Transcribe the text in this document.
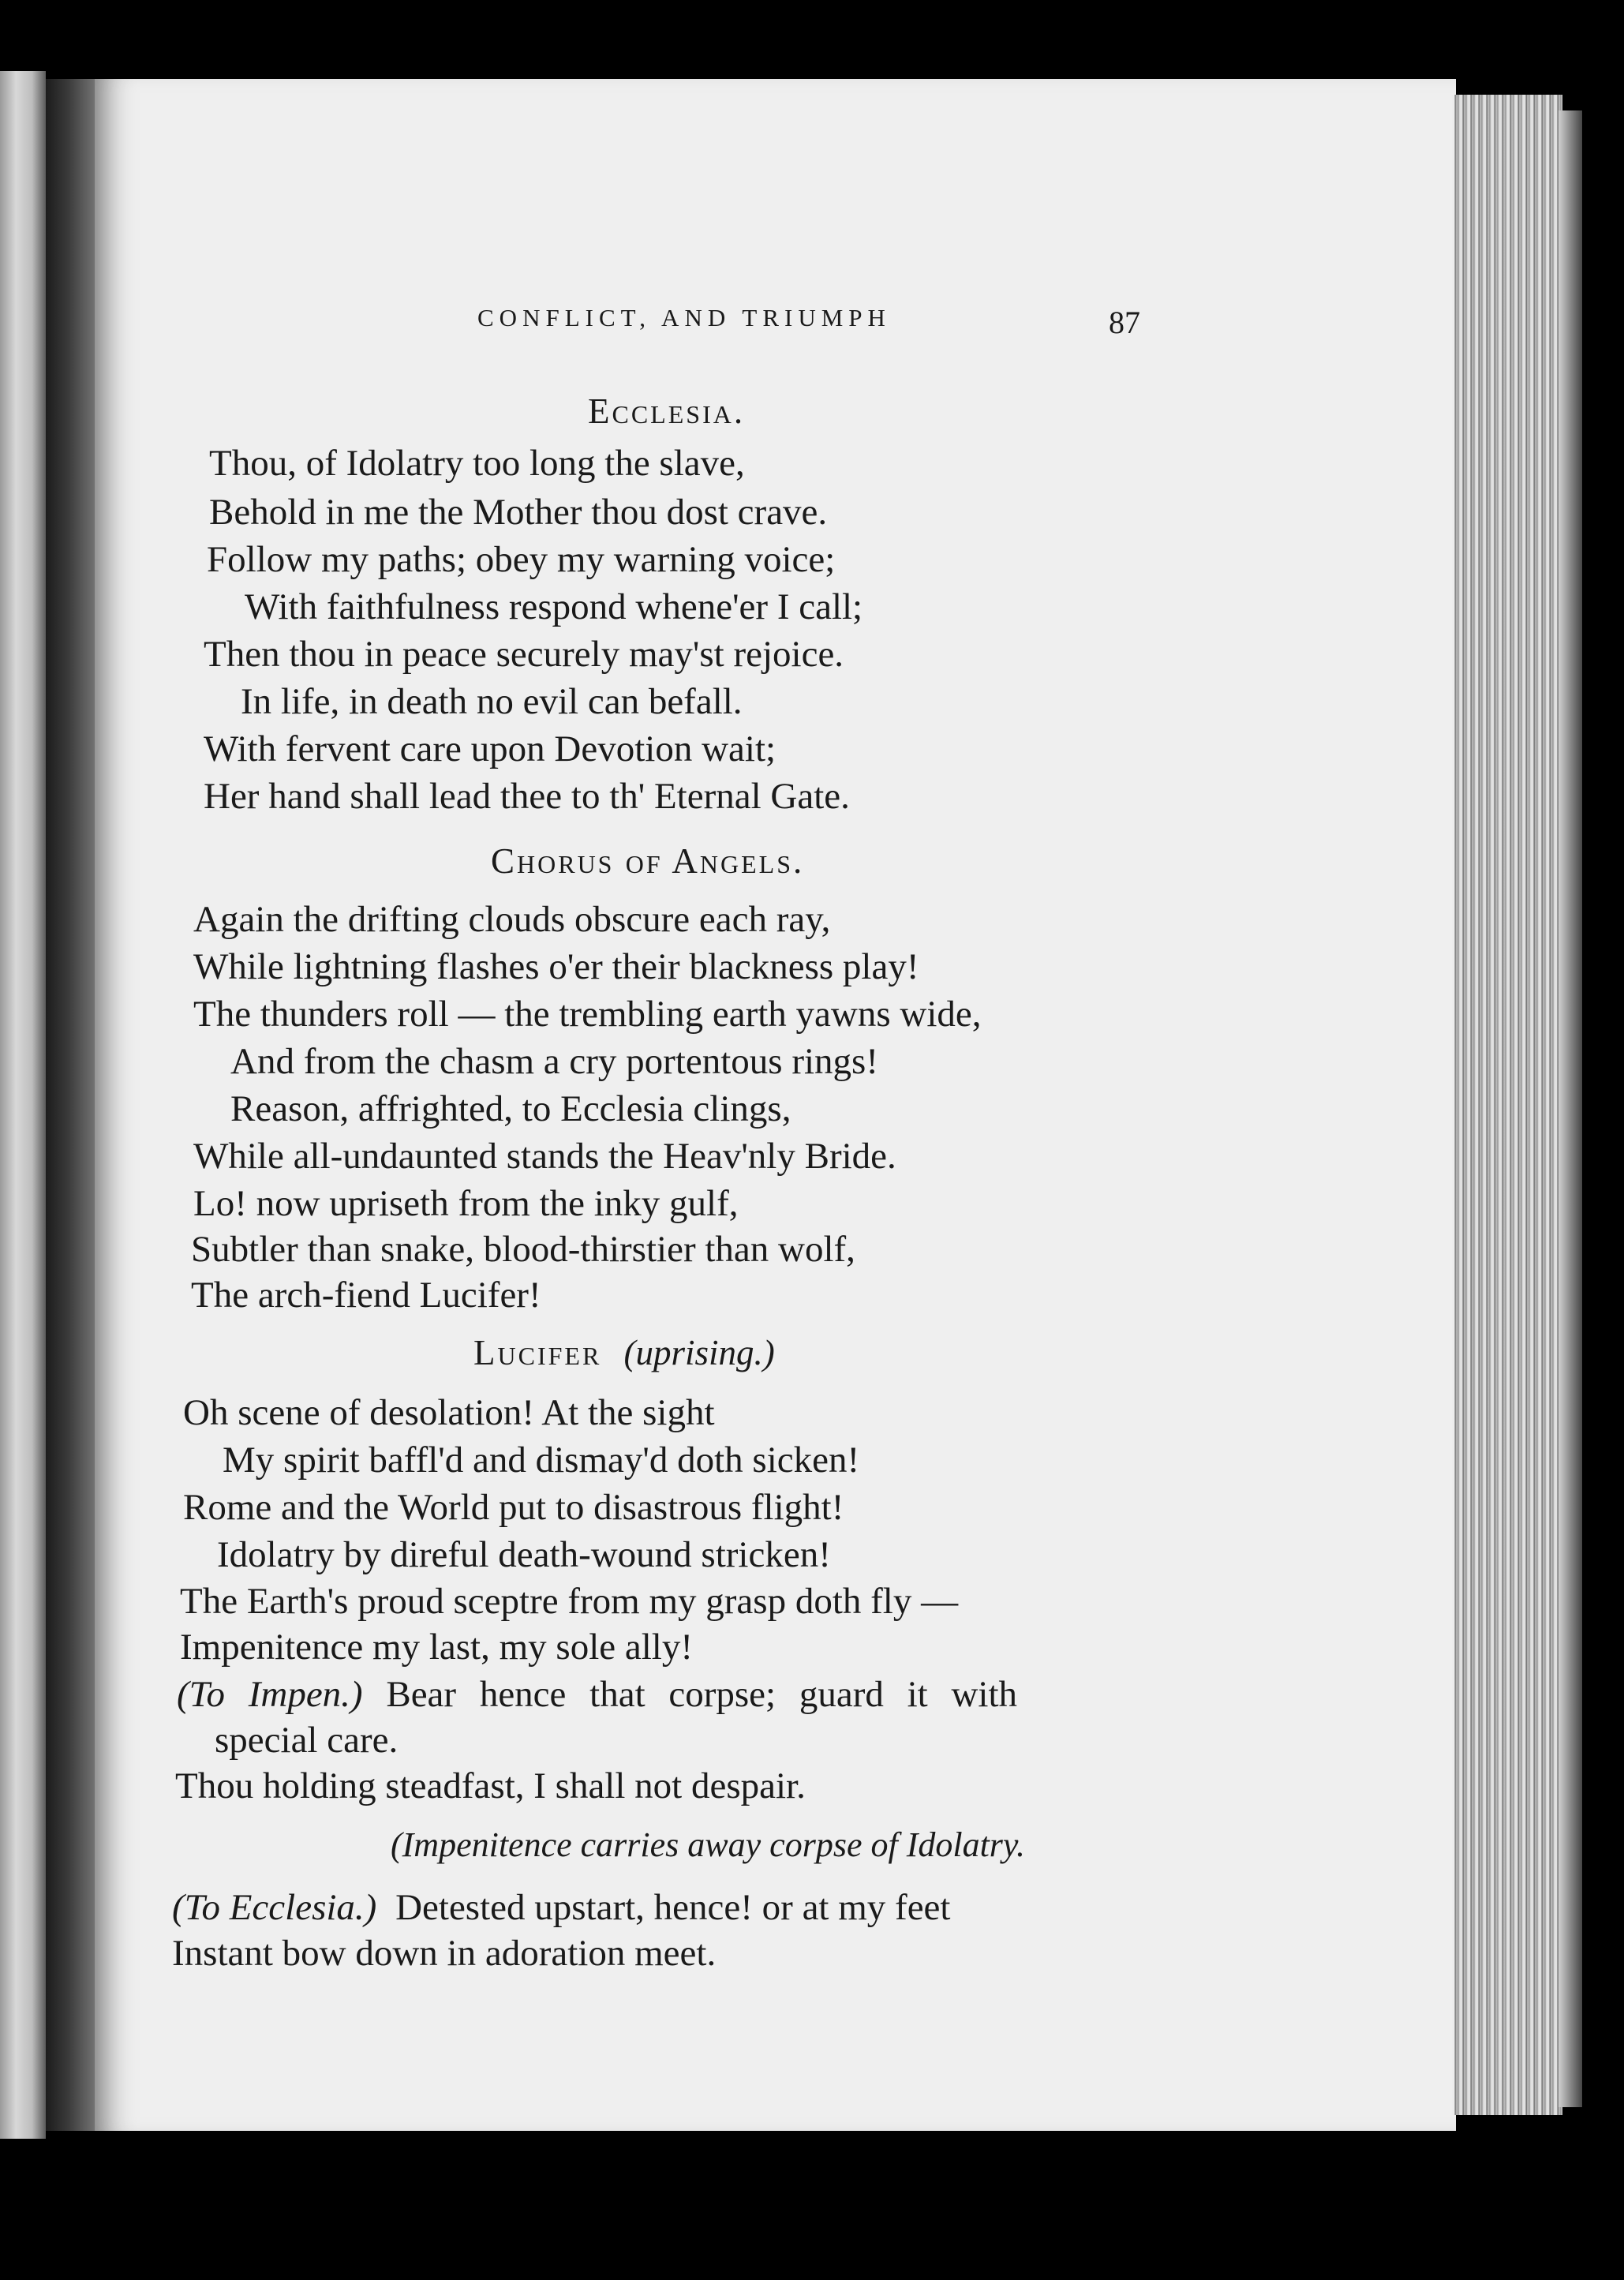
CONFLICT, AND TRIUMPH	87
Ecclesia.
Thou, of Idolatry too long the slave,
Behold in me the Mother thou dost crave.
Follow my paths; obey my warning voice;
With faithfulness respond whene'er I call;
Then thou in peace securely may'st rejoice.
In life, in death no evil can befall.
With fervent care upon Devotion wait;
Her hand shall lead thee to th' Eternal Gate.
Chorus of Angels.
Again the drifting clouds obscure each ray,
While lightning flashes o'er their blackness play!
The thunders roll — the trembling earth yawns wide,
And from the chasm a cry portentous rings!
Reason, affrighted, to Ecclesia clings,
While all-undaunted stands the Heav'nly Bride.
Lo! now upriseth from the inky gulf,
Subtler than snake, blood-thirstier than wolf,
The arch-fiend Lucifer!
Lucifer (uprising.)
Oh scene of desolation! At the sight
My spirit baffl'd and dismay'd doth sicken!
Rome and the World put to disastrous flight!
Idolatry by direful death-wound stricken!
The Earth's proud sceptre from my grasp doth fly —
Impenitence my last, my sole ally!
(To Impen.) Bear hence that corpse; guard it with
special care.
Thou holding steadfast, I shall not despair.
(Impenitence carries away corpse of Idolatry.
(To Ecclesia.) Detested upstart, hence! or at my feet
Instant bow down in adoration meet.
